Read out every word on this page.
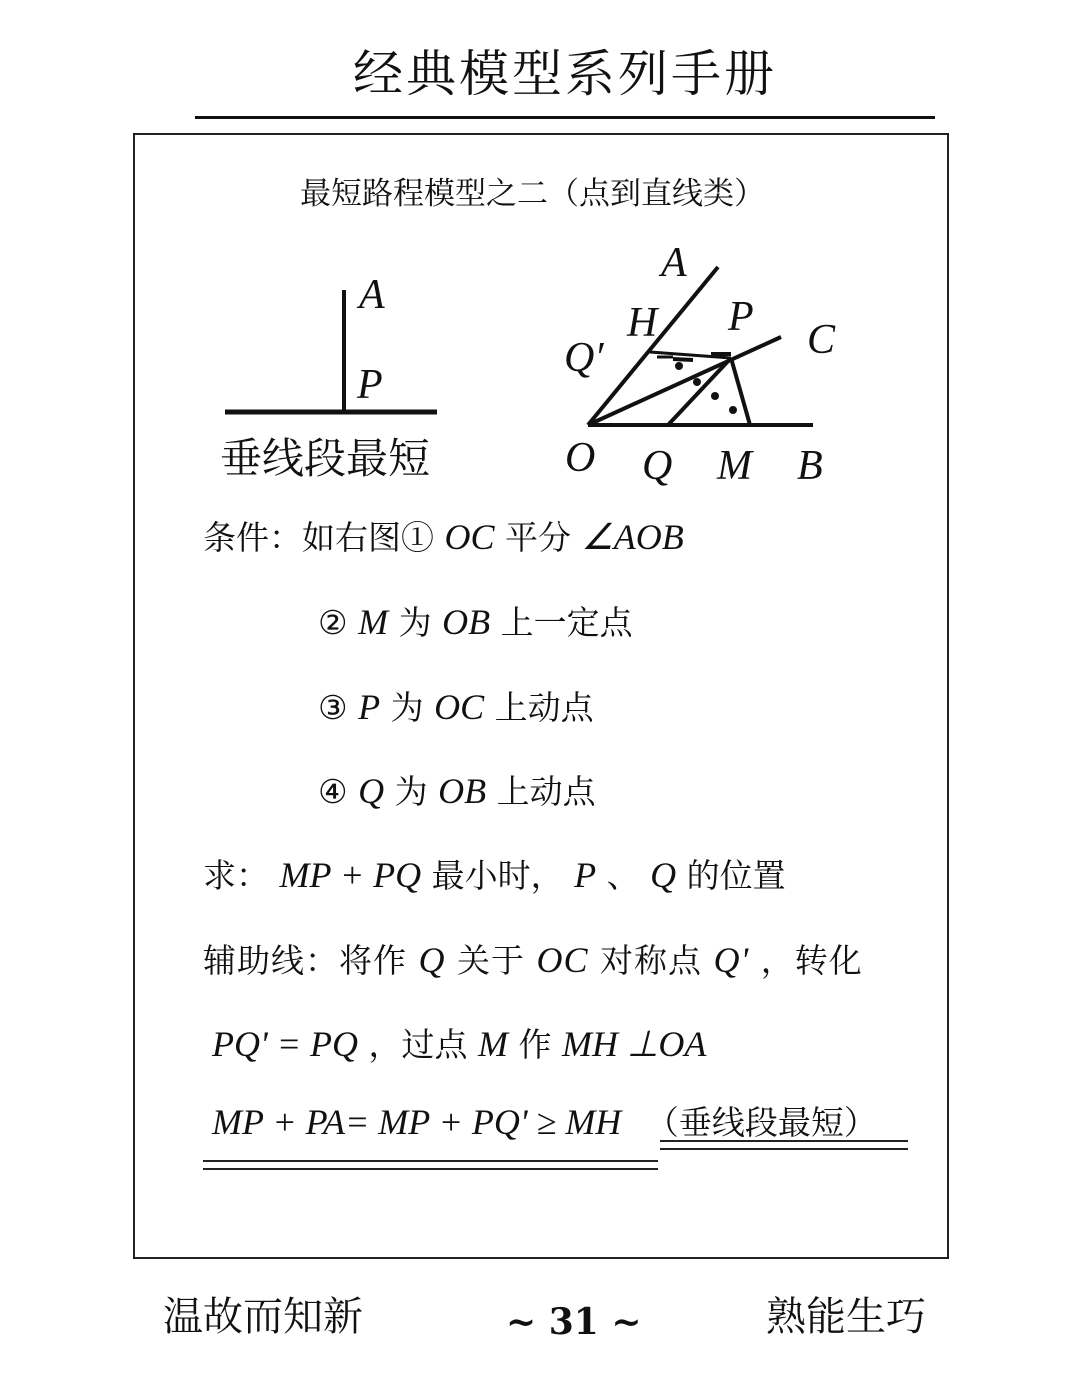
经典模型系列手册
最短路程模型之二（点到直线类）
A
P
垂线段最短
A
H P C
Q′
O Q M B
条件：如右图① OC 平分 ∠AOB
② M 为 OB 上一定点
③ P 为 OC 上动点
④ Q 为 OB 上动点
求： MP + PQ 最小时， P 、 Q 的位置
辅助线：将作 Q 关于 OC 对称点 Q' ，转化
PQ' = PQ ，过点 M 作 MH ⊥OA
MP + PA= MP + PQ' ≥ MH （垂线段最短）
温故而知新	~ 31 ~	熟能生巧
